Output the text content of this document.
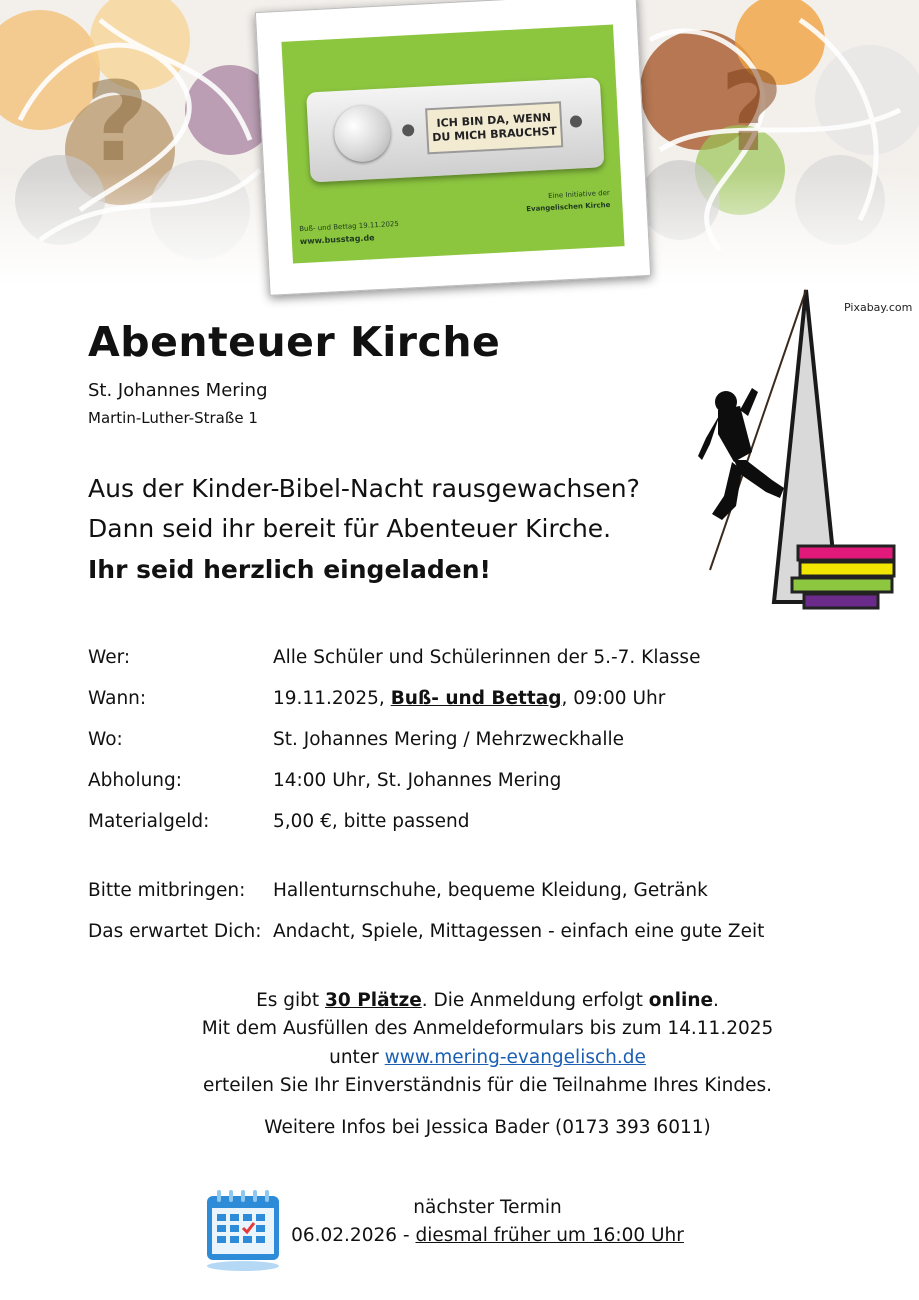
ICH BIN DA, WENN DU MICH BRAUCHST
Buß- und Bettag 19.11.2025
www.busstag.de
Eine Initiative der
Evangelischen Kirche
Pixabay.com
Abenteuer Kirche
St. Johannes Mering
Martin-Luther-Straße 1
Aus der Kinder-Bibel-Nacht rausgewachsen?
Dann seid ihr bereit für Abenteuer Kirche.
Ihr seid herzlich eingeladen!
Wer:	Alle Schüler und Schülerinnen der 5.-7. Klasse
Wann:	19.11.2025, Buß- und Bettag, 09:00 Uhr
Wo:	St. Johannes Mering / Mehrzweckhalle
Abholung:	14:00 Uhr, St. Johannes Mering
Materialgeld:	5,00 €, bitte passend
Bitte mitbringen: Hallenturnschuhe, bequeme Kleidung, Getränk
Das erwartet Dich: Andacht, Spiele, Mittagessen - einfach eine gute Zeit
Es gibt 30 Plätze. Die Anmeldung erfolgt online.
Mit dem Ausfüllen des Anmeldeformulars bis zum 14.11.2025
unter www.mering-evangelisch.de
erteilen Sie Ihr Einverständnis für die Teilnahme Ihres Kindes.
Weitere Infos bei Jessica Bader (0173 393 6011)
nächster Termin
06.02.2026 - diesmal früher um 16:00 Uhr
